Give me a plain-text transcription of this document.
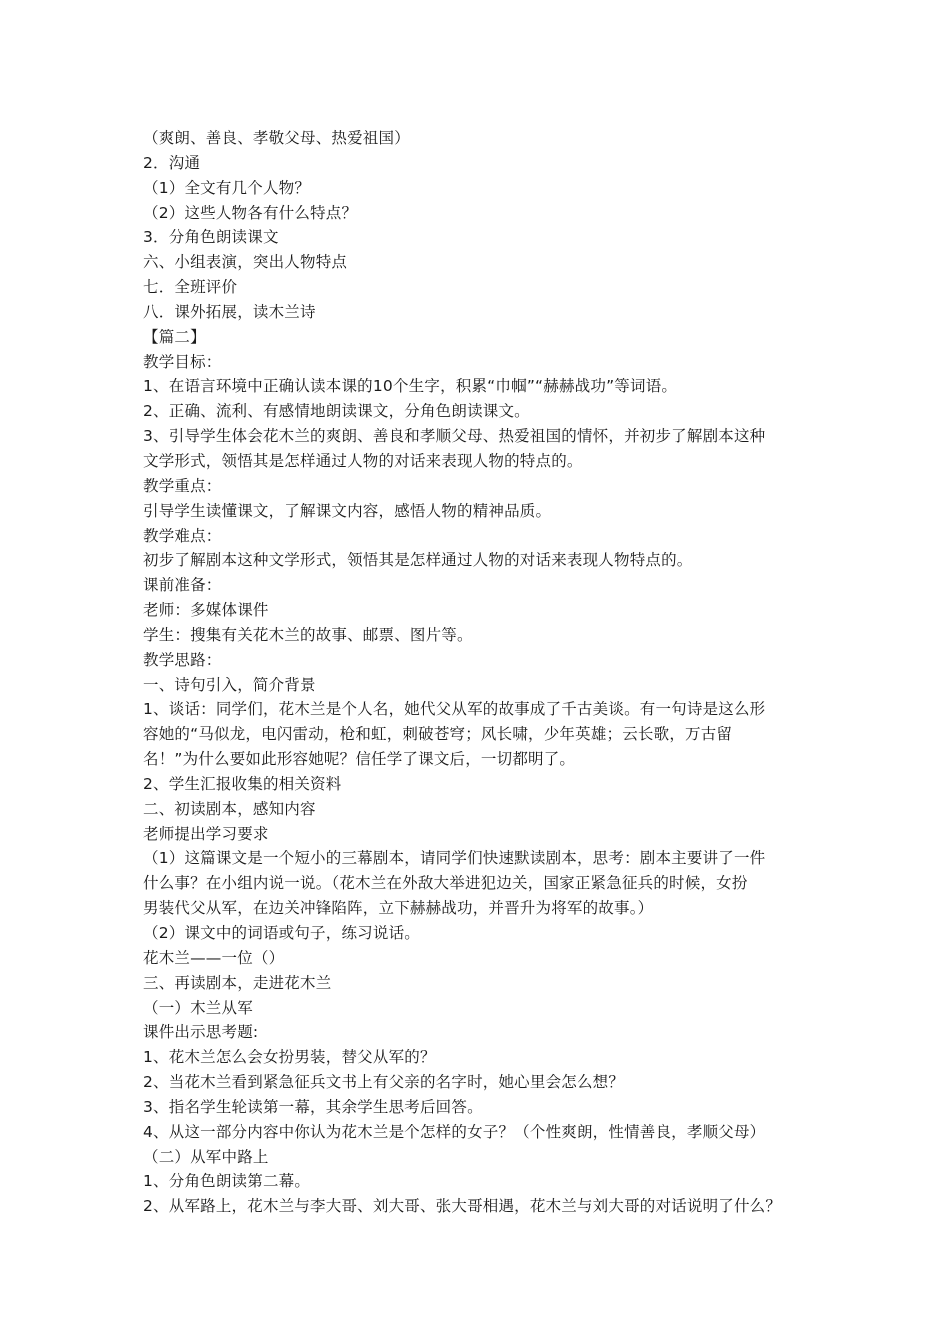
（爽朗、善良、孝敬父母、热爱祖国）
2．沟通
（1）全文有几个人物？
（2）这些人物各有什么特点？
3．分角色朗读课文
六、小组表演，突出人物特点
七．全班评价
八．课外拓展，读木兰诗
【篇二】
教学目标：
1、在语言环境中正确认读本课的10个生字，积累“巾帼”“赫赫战功”等词语。
2、正确、流利、有感情地朗读课文，分角色朗读课文。
3、引导学生体会花木兰的爽朗、善良和孝顺父母、热爱祖国的情怀，并初步了解剧本这种
文学形式，领悟其是怎样通过人物的对话来表现人物的特点的。
教学重点：
引导学生读懂课文，了解课文内容，感悟人物的精神品质。
教学难点：
初步了解剧本这种文学形式，领悟其是怎样通过人物的对话来表现人物特点的。
课前准备：
老师：多媒体课件
学生：搜集有关花木兰的故事、邮票、图片等。
教学思路：
一、诗句引入，简介背景
1、谈话：同学们，花木兰是个人名，她代父从军的故事成了千古美谈。有一句诗是这么形
容她的“马似龙，电闪雷动，枪和虹，刺破苍穹；风长啸，少年英雄；云长歌，万古留
名！”为什么要如此形容她呢？信任学了课文后，一切都明了。
2、学生汇报收集的相关资料
二、初读剧本，感知内容
老师提出学习要求
（1）这篇课文是一个短小的三幕剧本，请同学们快速默读剧本，思考：剧本主要讲了一件
什么事？在小组内说一说。（花木兰在外敌大举进犯边关，国家正紧急征兵的时候，女扮
男装代父从军，在边关冲锋陷阵，立下赫赫战功，并晋升为将军的故事。）
（2）课文中的词语或句子，练习说话。
花木兰——一位（）
三、再读剧本，走进花木兰
（一）木兰从军
课件出示思考题:
1、花木兰怎么会女扮男装，替父从军的？
2、当花木兰看到紧急征兵文书上有父亲的名字时，她心里会怎么想？
3、指名学生轮读第一幕，其余学生思考后回答。
4、从这一部分内容中你认为花木兰是个怎样的女子？（个性爽朗，性情善良，孝顺父母）
（二）从军中路上
1、分角色朗读第二幕。
2、从军路上，花木兰与李大哥、刘大哥、张大哥相遇，花木兰与刘大哥的对话说明了什么？
